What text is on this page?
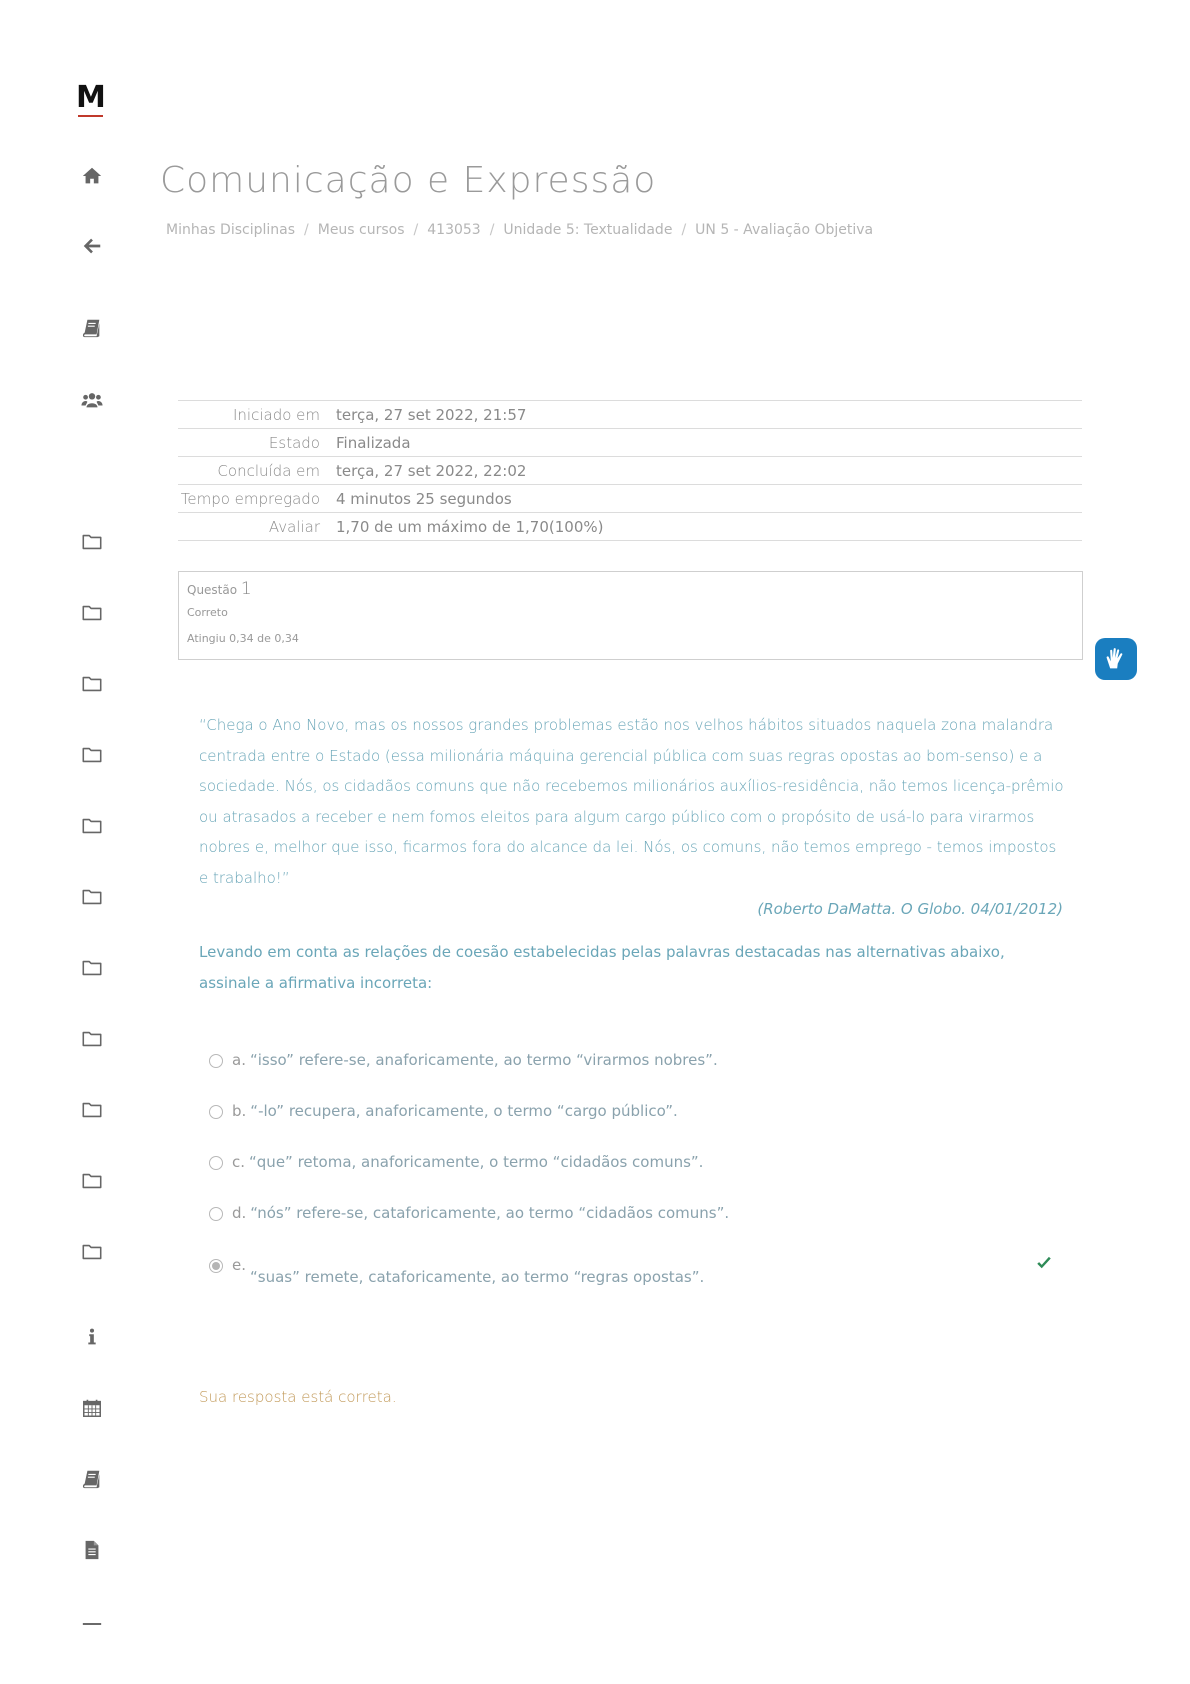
M
Comunicação e Expressão
Minhas Disciplinas / Meus cursos / 413053 / Unidade 5: Textualidade / UN 5 - Avaliação Objetiva
Iniciado em	terça, 27 set 2022, 21:57
Estado	Finalizada
Concluída em	terça, 27 set 2022, 22:02
Tempo empregado	4 minutos 25 segundos
Avaliar	1,70 de um máximo de 1,70(100%)
Questão 1
Correto
Atingiu 0,34 de 0,34
“Chega o Ano Novo, mas os nossos grandes problemas estão nos velhos hábitos situados naquela zona malandra centrada entre o Estado (essa milionária máquina gerencial pública com suas regras opostas ao bom-senso) e a sociedade. Nós, os cidadãos comuns que não recebemos milionários auxílios-residência, não temos licença-prêmio ou atrasados a receber e nem fomos eleitos para algum cargo público com o propósito de usá-lo para virarmos nobres e, melhor que isso, ficarmos fora do alcance da lei. Nós, os comuns, não temos emprego - temos impostos e trabalho!”
(Roberto DaMatta. O Globo. 04/01/2012)
Levando em conta as relações de coesão estabelecidas pelas palavras destacadas nas alternativas abaixo, assinale a afirmativa incorreta:
a. “isso” refere-se, anaforicamente, ao termo “virarmos nobres”.
b. “-lo” recupera, anaforicamente, o termo “cargo público”.
c. “que” retoma, anaforicamente, o termo “cidadãos comuns”.
d. “nós” refere-se, cataforicamente, ao termo “cidadãos comuns”.
e.
“suas” remete, cataforicamente, ao termo “regras opostas”.
Sua resposta está correta.
